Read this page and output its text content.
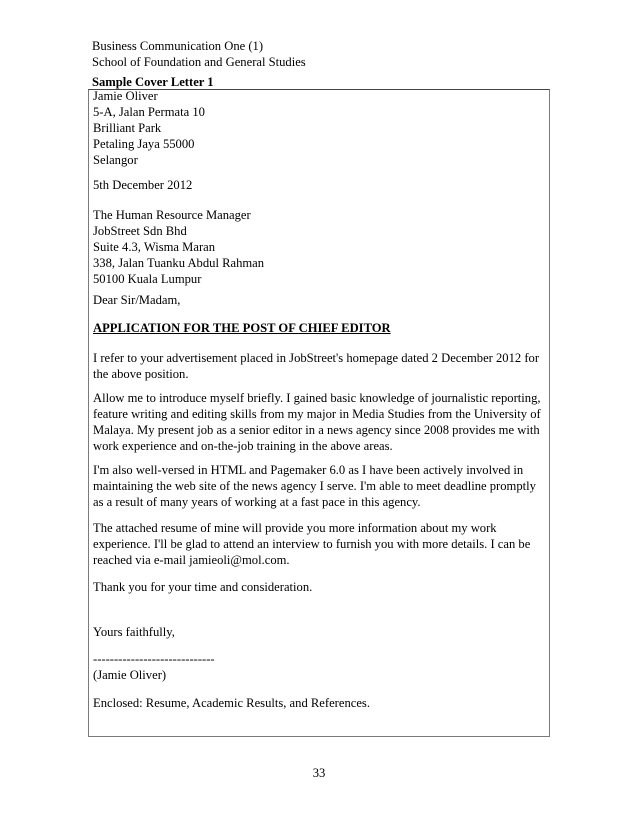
Business Communication One (1)
School of Foundation and General Studies
Sample Cover Letter 1
Jamie Oliver
5-A, Jalan Permata 10
Brilliant Park
Petaling Jaya 55000
Selangor
5th December 2012
The Human Resource Manager
JobStreet Sdn Bhd
Suite 4.3, Wisma Maran
338, Jalan Tuanku Abdul Rahman
50100 Kuala Lumpur
Dear Sir/Madam,
APPLICATION FOR THE POST OF CHIEF EDITOR
I refer to your advertisement placed in JobStreet's homepage dated 2 December 2012 for
the above position.
Allow me to introduce myself briefly. I gained basic knowledge of journalistic reporting,
feature writing and editing skills from my major in Media Studies from the University of
Malaya. My present job as a senior editor in a news agency since 2008 provides me with
work experience and on-the-job training in the above areas.
I'm also well-versed in HTML and Pagemaker 6.0 as I have been actively involved in
maintaining the web site of the news agency I serve. I'm able to meet deadline promptly
as a result of many years of working at a fast pace in this agency.
The attached resume of mine will provide you more information about my work
experience. I'll be glad to attend an interview to furnish you with more details. I can be
reached via e-mail jamieoli@mol.com.
Thank you for your time and consideration.
Yours faithfully,
-----------------------------
(Jamie Oliver)
Enclosed: Resume, Academic Results, and References.
33
